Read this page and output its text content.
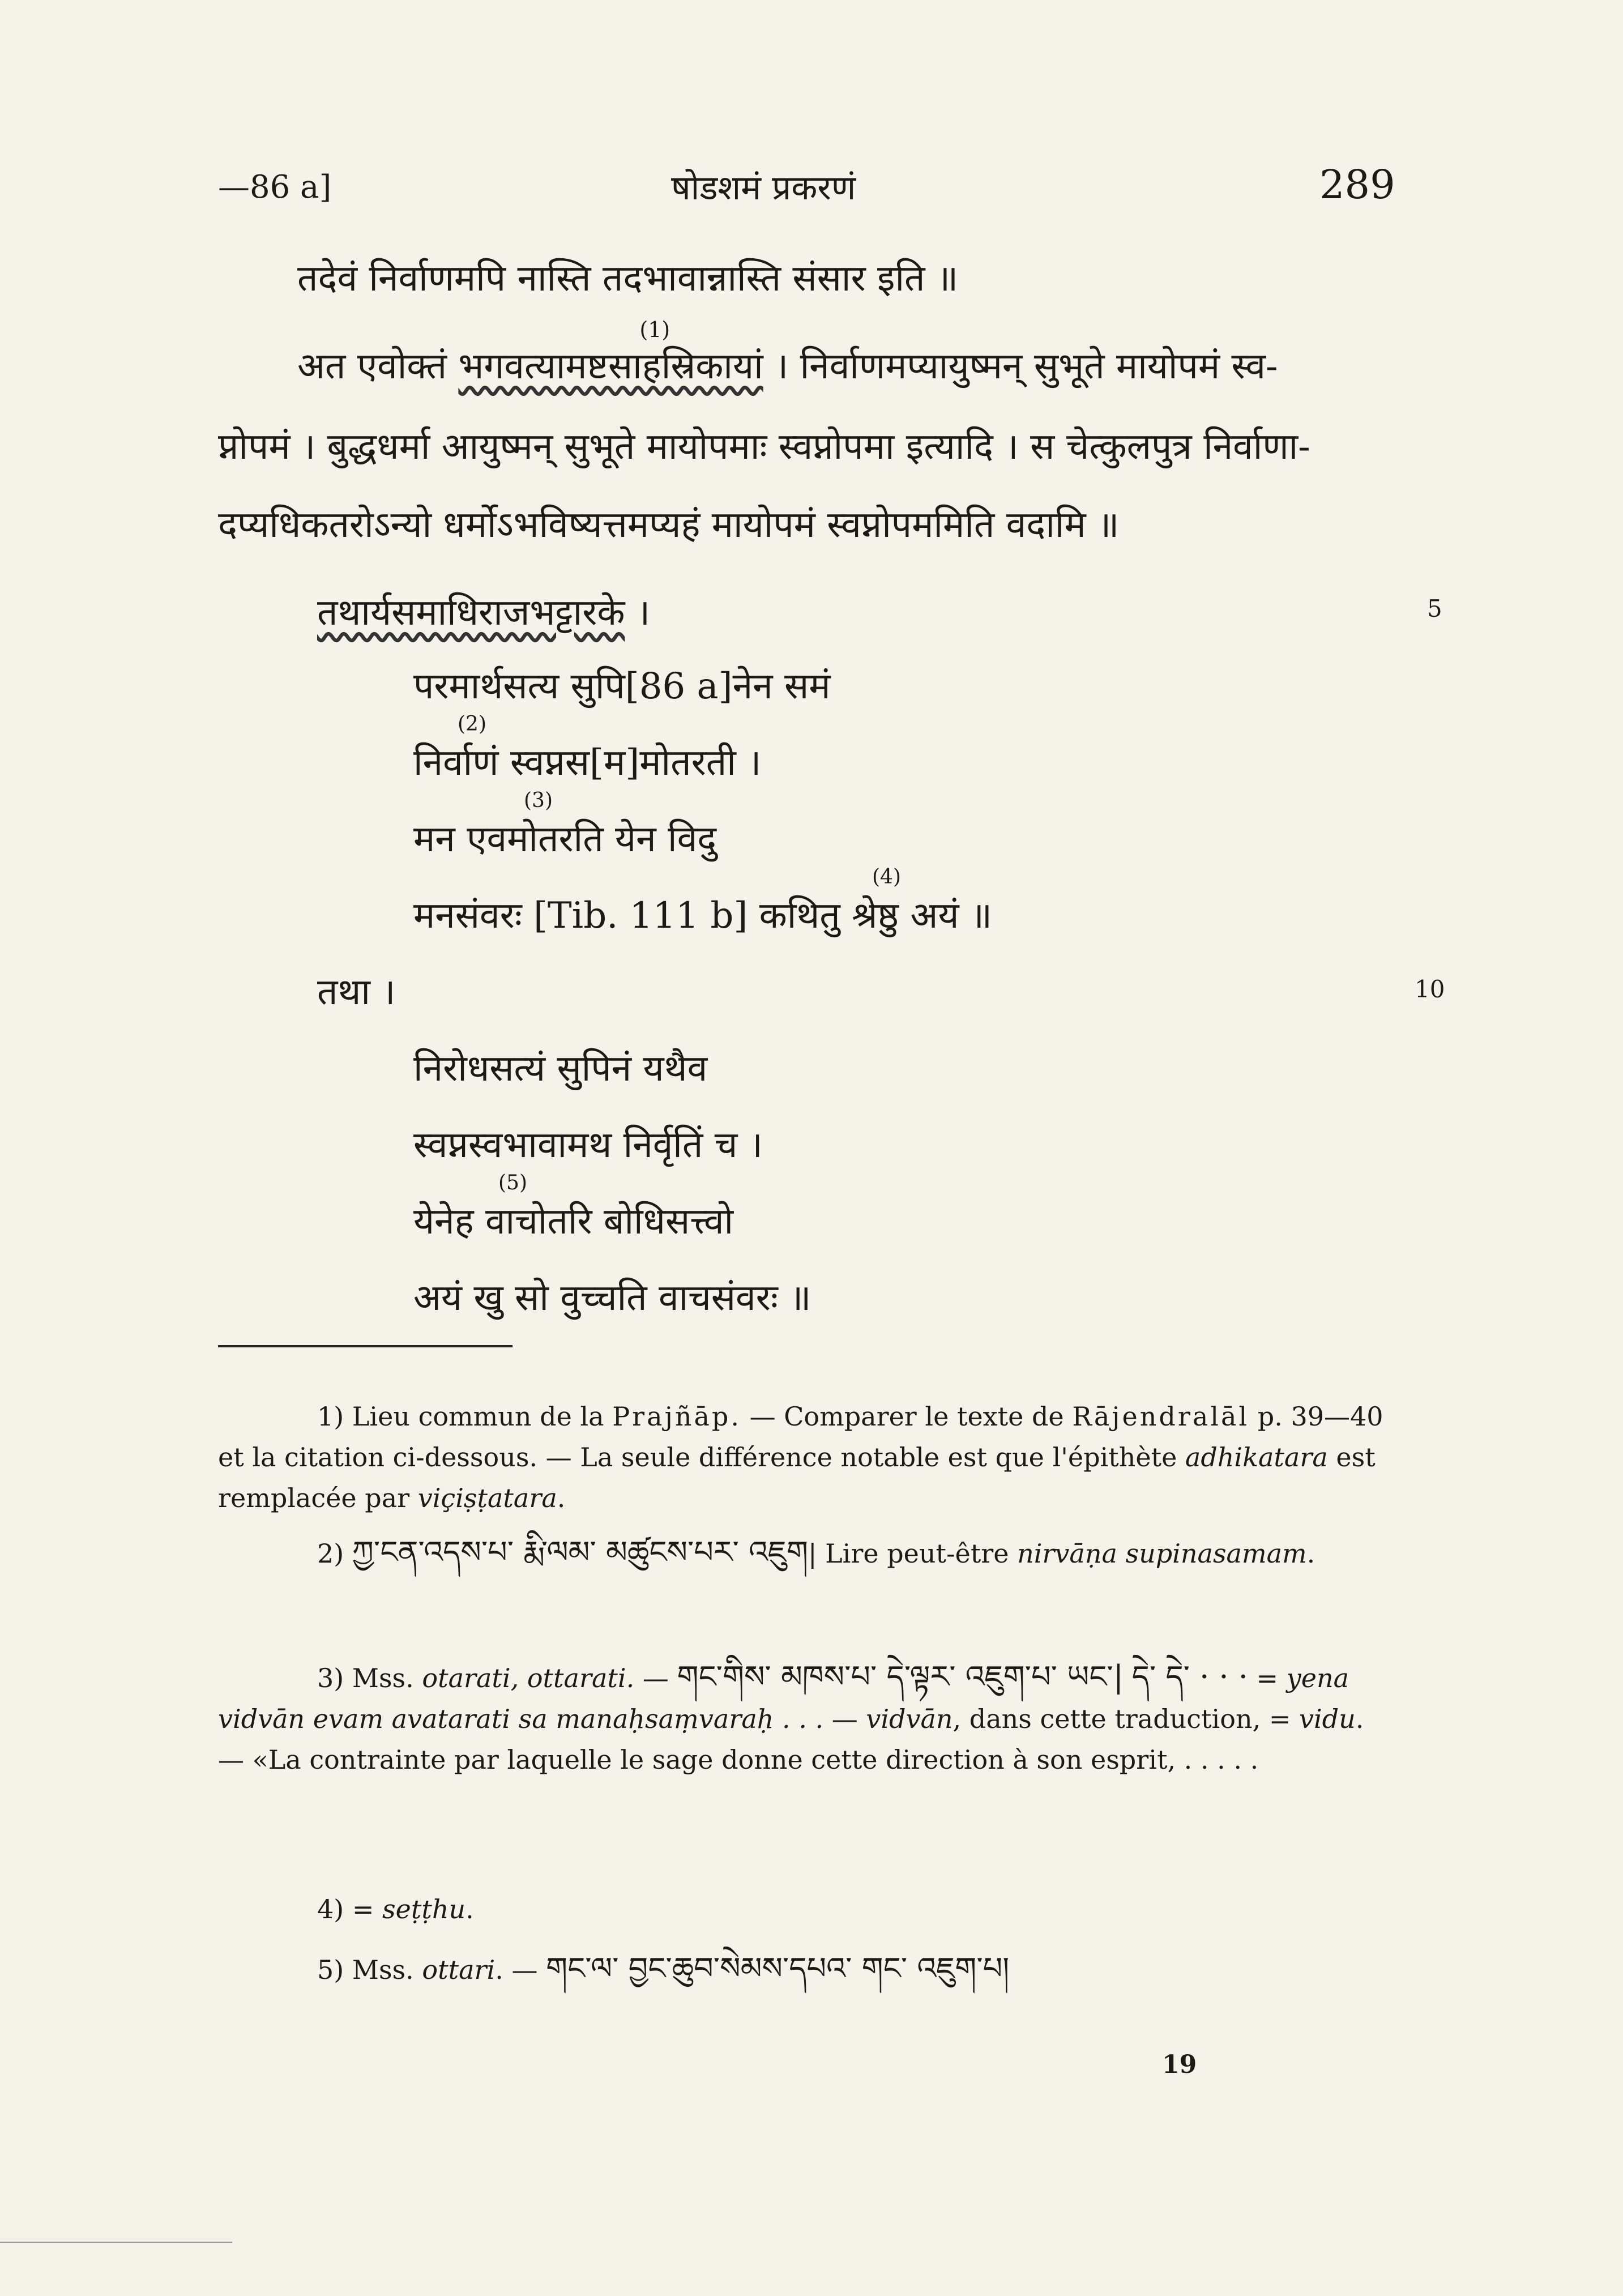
—86 a]	षोडशमं प्रकरणं	289
तदेवं निर्वाणमपि नास्ति तदभावान्नास्ति संसार इति ॥
अत एवोक्तं भगवत्यामष्टसाहस्रिकायां
(1)
। निर्वाणमप्यायुष्मन् सुभूते मायोपमं स्व-
प्नोपमं । बुद्धधर्मा आयुष्मन् सुभूते मायोपमाः स्वप्नोपमा इत्यादि । स चेत्कुलपुत्र निर्वाणा-
दप्यधिकतरोऽन्यो धर्मोऽभविष्यत्तमप्यहं मायोपमं स्वप्नोपममिति वदामि ॥
तथार्यसमाधिराजभट्टारके ।	5
परमार्थसत्य सुपि[86 a]नेन समं
निर्वाणं स्वप्नस[म]मोतरती ।
(2)
मन एवमोतरति येन विदु
(3)
मनसंवरः [Tib. 111 b] कथितु श्रेष्ठु अयं ॥
(4)
तथा ।	10
निरोधसत्यं सुपिनं यथैव
स्वप्नस्वभावामथ निर्वृतिं च ।
येनेह वाचोतरि बोधिसत्त्वो
(5)
अयं खु सो वुच्चति वाचसंवरः ॥
1) Lieu commun de la Prajñāp. — Comparer le texte de Rājendralāl p. 39—40 et la citation ci-dessous. — La seule différence notable est que l'épithète adhikatara est remplacée par viçiṣṭatara.
2) ཀྱ་ངན་འདས་པ་ རྨི་ལམ་ མཚུངས་པར་ འཇུག| Lire peut-être nirvāṇa supinasamam.
3) Mss. otarati, ottarati. — གང་གིས་ མཁས་པ་ དེ་ལྟར་ འཇུག་པ་ ཡང་| དེ་ དེ་ · · · = yena vidvān evam avatarati sa manaḥsaṃvaraḥ . . . — vidvān, dans cette traduction, = vidu. — «La contrainte par laquelle le sage donne cette direction à son esprit, . . . . .
4) = seṭṭhu.
5) Mss. ottari. — གང་ལ་ བྱང་ཆུབ་སེམས་དཔའ་ གང་ འཇུག་པ།
19
